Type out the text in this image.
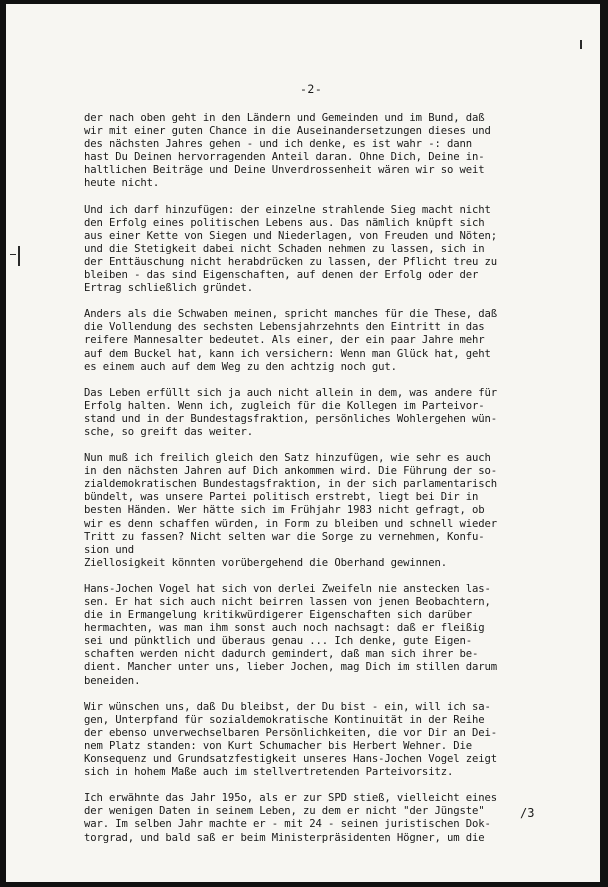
-2-
der nach oben geht in den Ländern und Gemeinden und im Bund, daß
wir mit einer guten Chance in die Auseinandersetzungen dieses und
des nächsten Jahres gehen - und ich denke, es ist wahr -: dann
hast Du Deinen hervorragenden Anteil daran. Ohne Dich, Deine in-
haltlichen Beiträge und Deine Unverdrossenheit wären wir so weit
heute nicht.
Und ich darf hinzufügen: der einzelne strahlende Sieg macht nicht
den Erfolg eines politischen Lebens aus. Das nämlich knüpft sich
aus einer Kette von Siegen und Niederlagen, von Freuden und Nöten;
und die Stetigkeit dabei nicht Schaden nehmen zu lassen, sich in
der Enttäuschung nicht herabdrücken zu lassen, der Pflicht treu zu
bleiben - das sind Eigenschaften, auf denen der Erfolg oder der
Ertrag schließlich gründet.
Anders als die Schwaben meinen, spricht manches für die These, daß
die Vollendung des sechsten Lebensjahrzehnts den Eintritt in das
reifere Mannesalter bedeutet. Als einer, der ein paar Jahre mehr
auf dem Buckel hat, kann ich versichern: Wenn man Glück hat, geht
es einem auch auf dem Weg zu den achtzig noch gut.
Das Leben erfüllt sich ja auch nicht allein in dem, was andere für
Erfolg halten. Wenn ich, zugleich für die Kollegen im Parteivor-
stand und in der Bundestagsfraktion, persönliches Wohlergehen wün-
sche, so greift das weiter.
Nun muß ich freilich gleich den Satz hinzufügen, wie sehr es auch
in den nächsten Jahren auf Dich ankommen wird. Die Führung der so-
zialdemokratischen Bundestagsfraktion, in der sich parlamentarisch
bündelt, was unsere Partei politisch erstrebt, liegt bei Dir in
besten Händen. Wer hätte sich im Frühjahr 1983 nicht gefragt, ob
wir es denn schaffen würden, in Form zu bleiben und schnell wieder
Tritt zu fassen? Nicht selten war die Sorge zu vernehmen, Konfu-
sion und
Ziellosigkeit könnten vorübergehend die Oberhand gewinnen.
Hans-Jochen Vogel hat sich von derlei Zweifeln nie anstecken las-
sen. Er hat sich auch nicht beirren lassen von jenen Beobachtern,
die in Ermangelung kritikwürdigerer Eigenschaften sich darüber
hermachten, was man ihm sonst auch noch nachsagt: daß er fleißig
sei und pünktlich und überaus genau ... Ich denke, gute Eigen-
schaften werden nicht dadurch gemindert, daß man sich ihrer be-
dient. Mancher unter uns, lieber Jochen, mag Dich im stillen darum
beneiden.
Wir wünschen uns, daß Du bleibst, der Du bist - ein, will ich sa-
gen, Unterpfand für sozialdemokratische Kontinuität in der Reihe
der ebenso unverwechselbaren Persönlichkeiten, die vor Dir an Dei-
nem Platz standen: von Kurt Schumacher bis Herbert Wehner. Die
Konsequenz und Grundsatzfestigkeit unseres Hans-Jochen Vogel zeigt
sich in hohem Maße auch im stellvertretenden Parteivorsitz.
Ich erwähnte das Jahr 195o, als er zur SPD stieß, vielleicht eines
der wenigen Daten in seinem Leben, zu dem er nicht "der Jüngste"
war. Im selben Jahr machte er - mit 24 - seinen juristischen Dok-
torgrad, und bald saß er beim Ministerpräsidenten Högner, um die
/3
